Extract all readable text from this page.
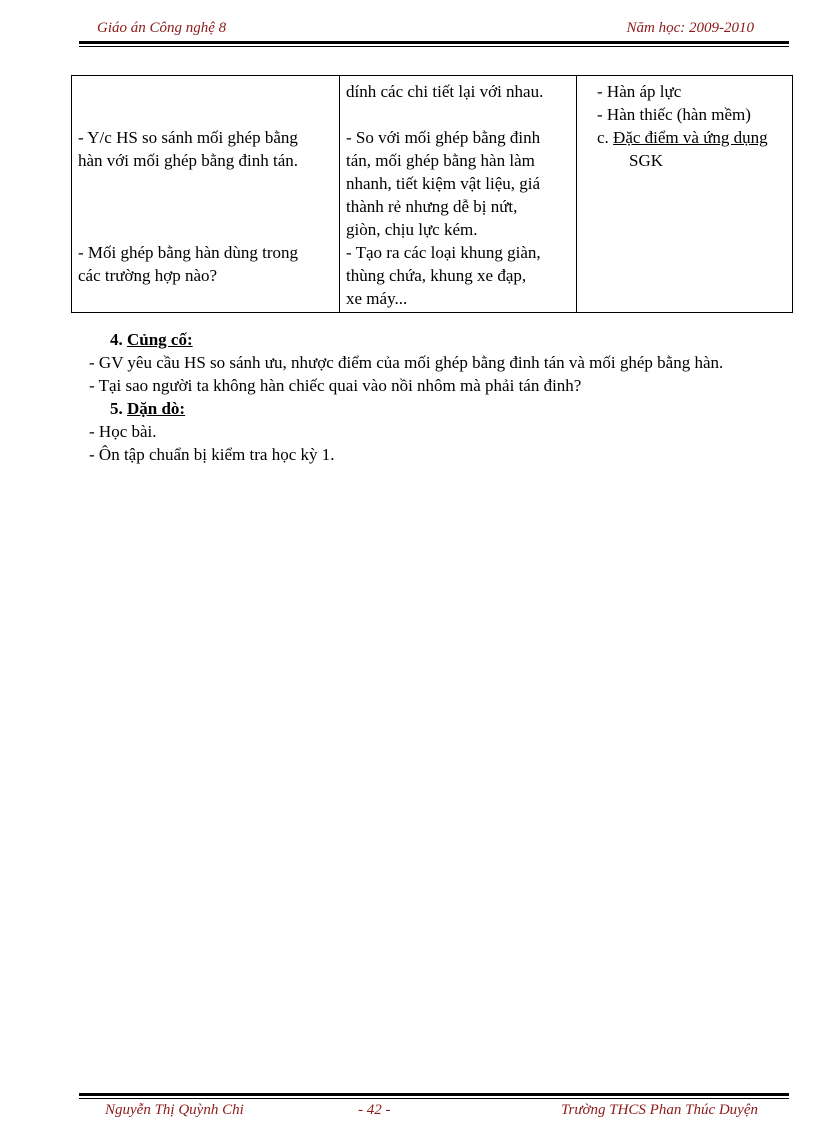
Giáo án Công nghệ 8	Năm học: 2009-2010
- Y/c HS so sánh mối ghép bằng
hàn với mối ghép bằng đinh tán.
- Mối ghép bằng hàn dùng trong
các trường hợp nào?

dính các chi tiết lại với nhau.
- So với mối ghép bằng đinh
tán, mối ghép bằng hàn làm
nhanh, tiết kiệm vật liệu, giá
thành rẻ nhưng dễ bị nứt,
giòn, chịu lực kém.
- Tạo ra các loại khung giàn,
thùng chứa, khung xe đạp,
xe máy...

- Hàn áp lực
- Hàn thiếc (hàn mềm)
c. Đặc điểm và ứng dụng
SGK
4. Củng cố:
- GV yêu cầu HS so sánh ưu, nhược điểm của mối ghép bằng đinh tán và mối ghép bằng hàn.
- Tại sao người ta không hàn chiếc quai vào nồi nhôm mà phải tán đinh?
5. Dặn dò:
- Học bài.
- Ôn tập chuẩn bị kiểm tra học kỳ 1.
Nguyễn Thị Quỳnh Chi	- 42 -	Trường THCS Phan Thúc Duyện
